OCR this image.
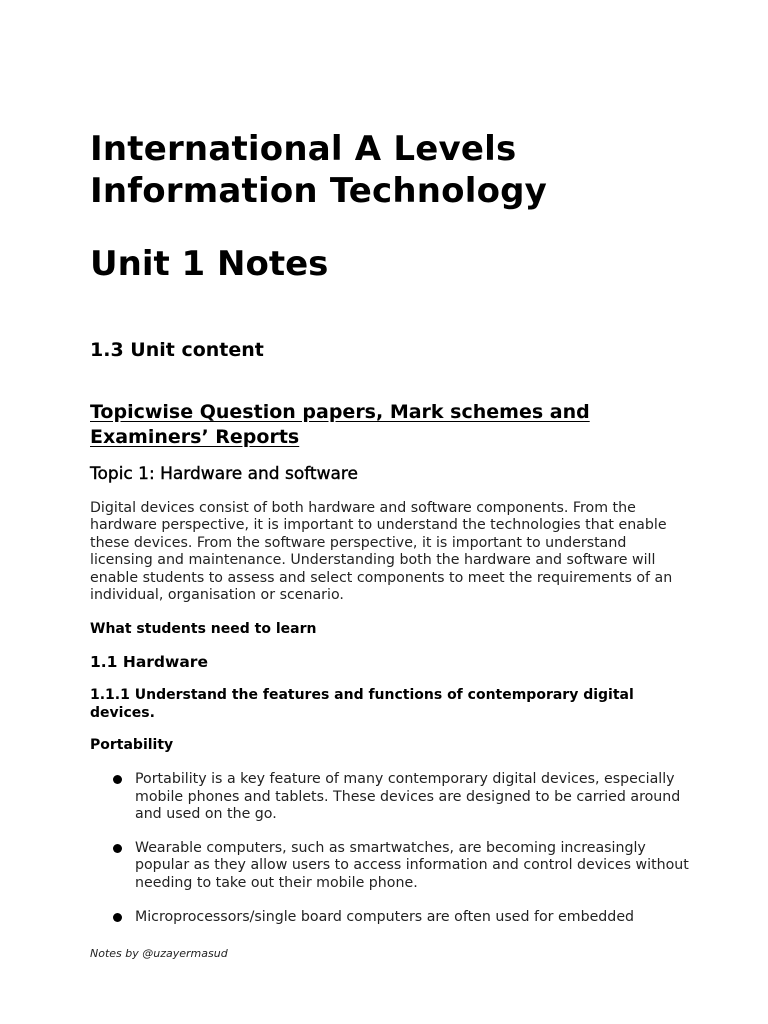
International A Levels
Information Technology
Unit 1 Notes
1.3 Unit content
Topicwise Question papers, Mark schemes and Examiners’ Reports
Topic 1: Hardware and software

Digital devices consist of both hardware and software components. From the hardware perspective, it is important to understand the technologies that enable these devices. From the software perspective, it is important to understand licensing and maintenance. Understanding both the hardware and software will enable students to assess and select components to meet the requirements of an individual, organisation or scenario.

What students need to learn
1.1 Hardware
1.1.1 Understand the features and functions of contemporary digital devices.
Portability
Portability is a key feature of many contemporary digital devices, especially mobile phones and tablets. These devices are designed to be carried around and used on the go.
Wearable computers, such as smartwatches, are becoming increasingly popular as they allow users to access information and control devices without needing to take out their mobile phone.
Microprocessors/single board computers are often used for embedded

Notes by @uzayermasud
